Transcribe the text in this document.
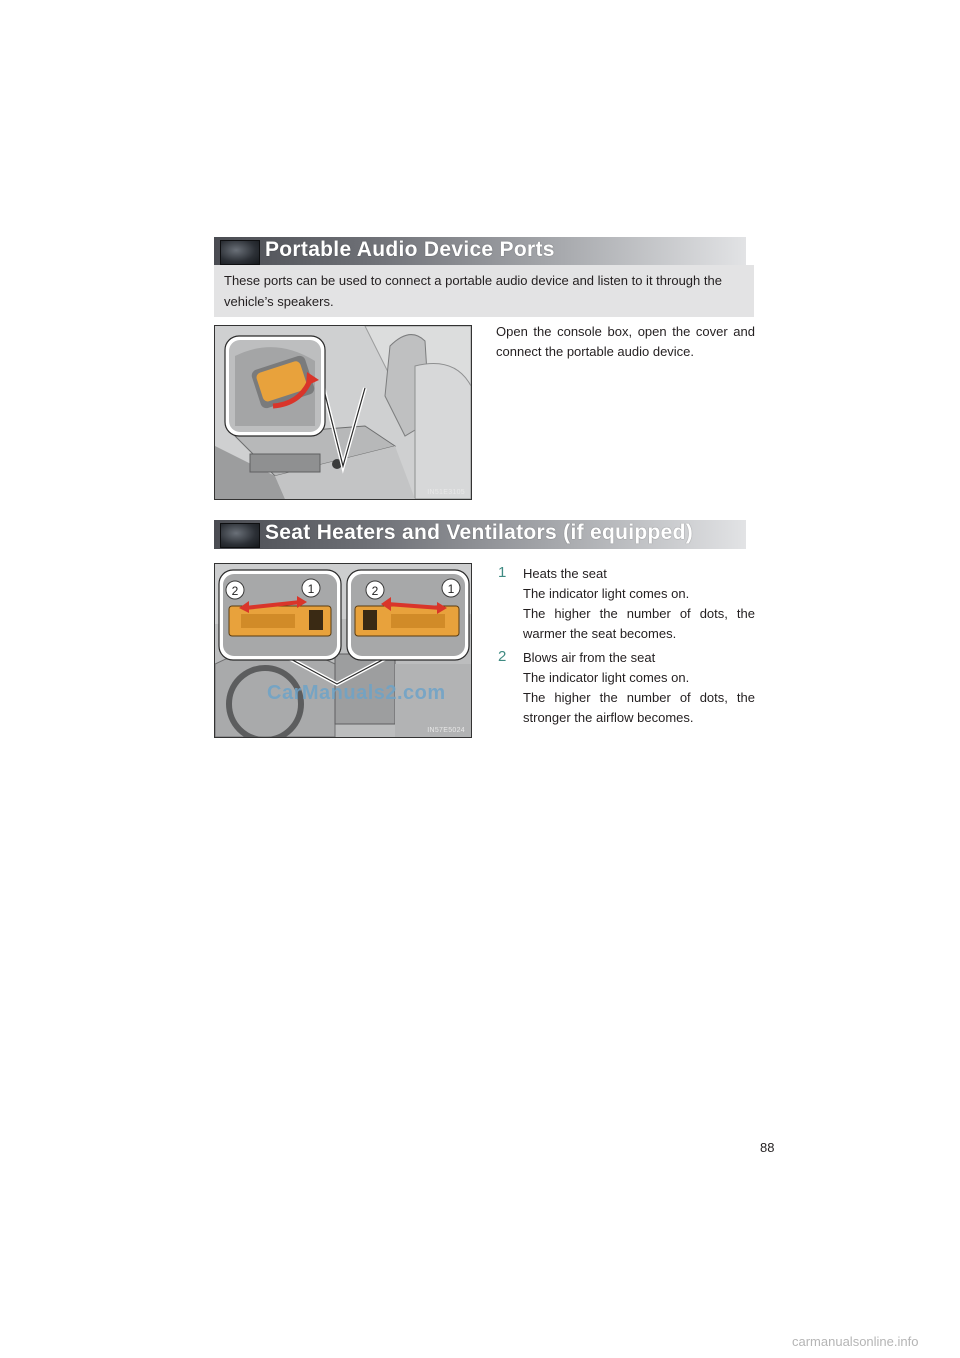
Portable Audio Device Ports

These ports can be used to connect a portable audio device and listen to it through the vehicle’s speakers.

IN51E3105
Open the console box, open the cover and connect the portable audio device.
Seat Heaters and Ventilators (if equipped)
2	1	2	1
CarManuals2.com
IN57E5024
1 Heats the seat
The indicator light comes on.
The higher the number of dots, the warmer the seat becomes.
2 Blows air from the seat
The indicator light comes on.
The higher the number of dots, the stronger the airflow becomes.
88
carmanualsonline.info
